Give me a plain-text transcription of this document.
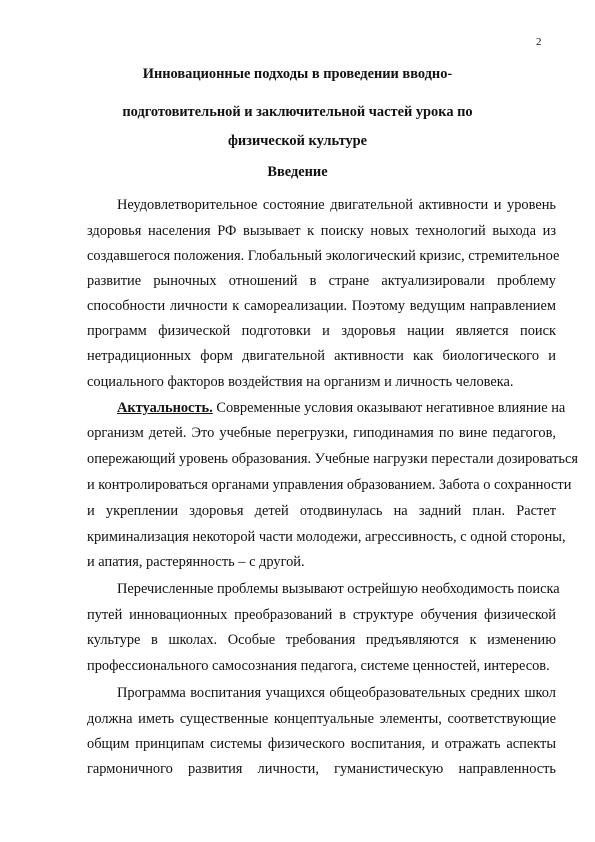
2
Инновационные подходы в проведении вводно-
подготовительной и заключительной частей урока по
физической культуре
Введение
Неудовлетворительное состояние двигательной активности и уровень
здоровья населения РФ вызывает к поиску новых технологий выхода из
создавшегося положения. Глобальный экологический кризис, стремительное
развитие рыночных отношений в стране актуализировали проблему
способности личности к самореализации. Поэтому ведущим направлением
программ физической подготовки и здоровья нации является поиск
нетрадиционных форм двигательной активности как биологического и
социального факторов воздействия на организм и личность человека.
Актуальность. Современные условия оказывают негативное влияние на
организм детей. Это учебные перегрузки, гиподинамия по вине педагогов,
опережающий уровень образования. Учебные нагрузки перестали дозироваться
и контролироваться органами управления образованием. Забота о сохранности
и укреплении здоровья детей отодвинулась на задний план. Растет
криминализация некоторой части молодежи, агрессивность, с одной стороны,
и апатия, растерянность – с другой.
Перечисленные проблемы вызывают острейшую необходимость поиска
путей инновационных преобразований в структуре обучения физической
культуре в школах. Особые требования предъявляются к изменению
профессионального самосознания педагога, системе ценностей, интересов.
Программа воспитания учащихся общеобразовательных средних школ
должна иметь существенные концептуальные элементы, соответствующие
общим принципам системы физического воспитания, и отражать аспекты
гармоничного развития личности, гуманистическую направленность
